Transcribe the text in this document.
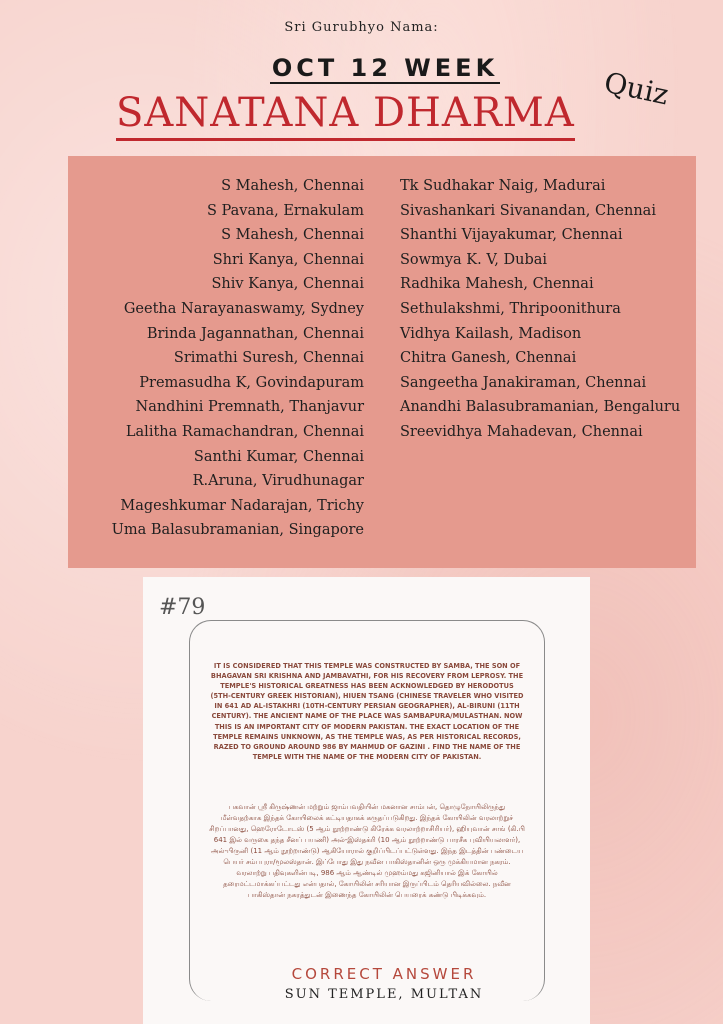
Sri Gurubhyo Nama:
OCT 12 WEEK
SANATANA DHARMA
Quiz
S Mahesh, Chennai
S Pavana, Ernakulam
S Mahesh, Chennai
Shri Kanya, Chennai
Shiv Kanya, Chennai
Geetha Narayanaswamy, Sydney
Brinda Jagannathan, Chennai
Srimathi Suresh, Chennai
Premasudha K, Govindapuram
Nandhini Premnath, Thanjavur
Lalitha Ramachandran, Chennai
Santhi Kumar, Chennai
R.Aruna, Virudhunagar
Mageshkumar Nadarajan, Trichy
Uma Balasubramanian, Singapore
Tk Sudhakar Naig, Madurai
Sivashankari Sivanandan, Chennai
Shanthi Vijayakumar, Chennai
Sowmya K. V, Dubai
Radhika Mahesh, Chennai
Sethulakshmi, Thripoonithura
Vidhya Kailash, Madison
Chitra Ganesh, Chennai
Sangeetha Janakiraman, Chennai
Anandhi Balasubramanian, Bengaluru
Sreevidhya Mahadevan, Chennai
#79
IT IS CONSIDERED THAT THIS TEMPLE WAS CONSTRUCTED BY SAMBA, THE SON OF BHAGAVAN SRI KRISHNA AND JAMBAVATHI, FOR HIS RECOVERY FROM LEPROSY. THE TEMPLE'S HISTORICAL GREATNESS HAS BEEN ACKNOWLEDGED BY HERODOTUS (5TH-CENTURY GREEK HISTORIAN), HIUEN TSANG (CHINESE TRAVELER WHO VISITED IN 641 AD AL-ISTAKHRI (10TH-CENTURY PERSIAN GEOGRAPHER), AL-BIRUNI (11TH CENTURY). THE ANCIENT NAME OF THE PLACE WAS SAMBAPURA/MULASTHAN. NOW THIS IS AN IMPORTANT CITY OF MODERN PAKISTAN. THE EXACT LOCATION OF THE TEMPLE REMAINS UNKNOWN, AS THE TEMPLE WAS, AS PER HISTORICAL RECORDS, RAZED TO GROUND AROUND 986 BY MAHMUD OF GAZINI . FIND THE NAME OF THE TEMPLE WITH THE NAME OF THE MODERN CITY OF PAKISTAN.
பகவான் ஸ்ரீ கிருஷ்ணன் மற்றும் ஜாம்பவதியின் மகனான சாம்பன், தொழுநோயிலிருந்து மீள்வதற்காக இந்தக் கோயிலைக் கட்டியதாகக் கருதப்படுகிறது. இந்தக் கோயிலின் வரலாற்றுச் சிறப்பானது, ஹெரோடோடஸ் (5 ஆம் நூற்றாண்டு கிரேக்க வரலாற்றாசிரியர்), ஹியுவான் சாங் (கி.பி 641 இல் வருகை தந்த சீனப் பயணி) அல்-இஸ்தக்ரி (10 ஆம் நூற்றாண்டு பாரசீக புவியியலாளர்), அல்-பிருனி (11 ஆம் நூற்றாண்டு) ஆகியோரால் குறிப்பிடப்பட்டுள்ளது. இந்த இடத்தின் பண்டைய பெயர் சம்பபுரா/மூலஸ்தான். இப்போது இது நவீன பாகிஸ்தானின் ஒரு முக்கியமான நகரம். வரலாற்று பதிவுகளின்படி, 986 ஆம் ஆண்டில் முஹம்மது கஜினியால் இக் கோயில் தரைமட்டமாக்கப்பட்டது என்பதால், கோயிலின் சரியான இருப்பிடம் தெரியவில்லை. நவீன பாகிஸ்தான் நகரத்துடன் இணைந்த கோயிலின் பெயரைக் கண்டு பிடிக்கவும்.
CORRECT ANSWER
SUN TEMPLE, MULTAN
